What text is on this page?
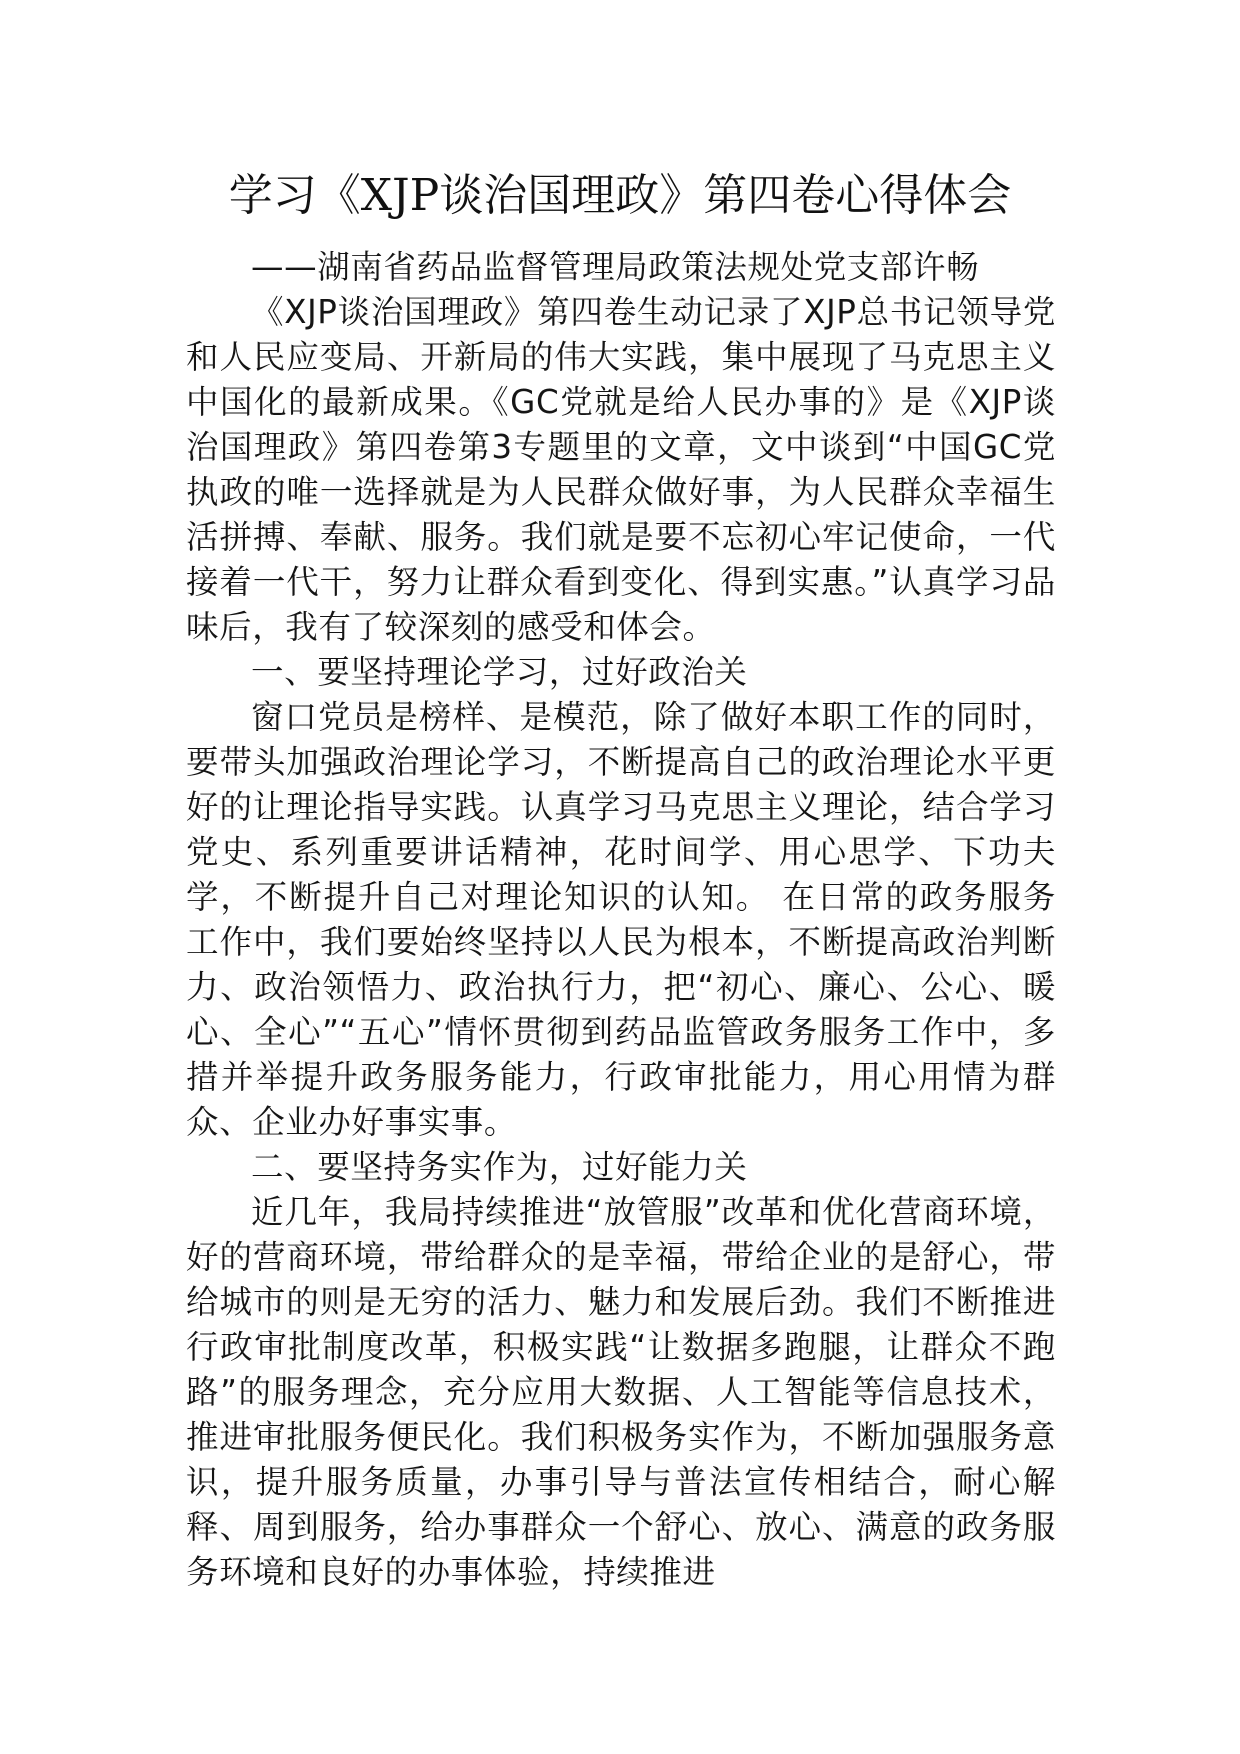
学习《XJP谈治国理政》第四卷心得体会

——湖南省药品监督管理局政策法规处党支部许畅

《XJP谈治国理政》第四卷生动记录了XJP总书记领导党和人民应变局、开新局的伟大实践，集中展现了马克思主义中国化的最新成果。《GC党就是给人民办事的》是《XJP谈治国理政》第四卷第3专题里的文章，文中谈到“中国GC党执政的唯一选择就是为人民群众做好事，为人民群众幸福生活拼搏、奉献、服务。我们就是要不忘初心牢记使命，一代接着一代干，努力让群众看到变化、得到实惠。”认真学习品味后，我有了较深刻的感受和体会。

一、要坚持理论学习，过好政治关

窗口党员是榜样、是模范，除了做好本职工作的同时，要带头加强政治理论学习，不断提高自己的政治理论水平更好的让理论指导实践。认真学习马克思主义理论，结合学习党史、系列重要讲话精神，花时间学、用心思学、下功夫学，不断提升自己对理论知识的认知。 在日常的政务服务工作中，我们要始终坚持以人民为根本，不断提高政治判断力、政治领悟力、政治执行力，把“初心、廉心、公心、暖心、全心”“五心”情怀贯彻到药品监管政务服务工作中，多措并举提升政务服务能力，行政审批能力，用心用情为群众、企业办好事实事。

二、要坚持务实作为，过好能力关

近几年，我局持续推进“放管服”改革和优化营商环境，好的营商环境，带给群众的是幸福，带给企业的是舒心，带给城市的则是无穷的活力、魅力和发展后劲。我们不断推进行政审批制度改革，积极实践“让数据多跑腿，让群众不跑路”的服务理念，充分应用大数据、人工智能等信息技术，推进审批服务便民化。我们积极务实作为，不断加强服务意识，提升服务质量，办事引导与普法宣传相结合，耐心解释、周到服务，给办事群众一个舒心、放心、满意的政务服务环境和良好的办事体验，持续推进
